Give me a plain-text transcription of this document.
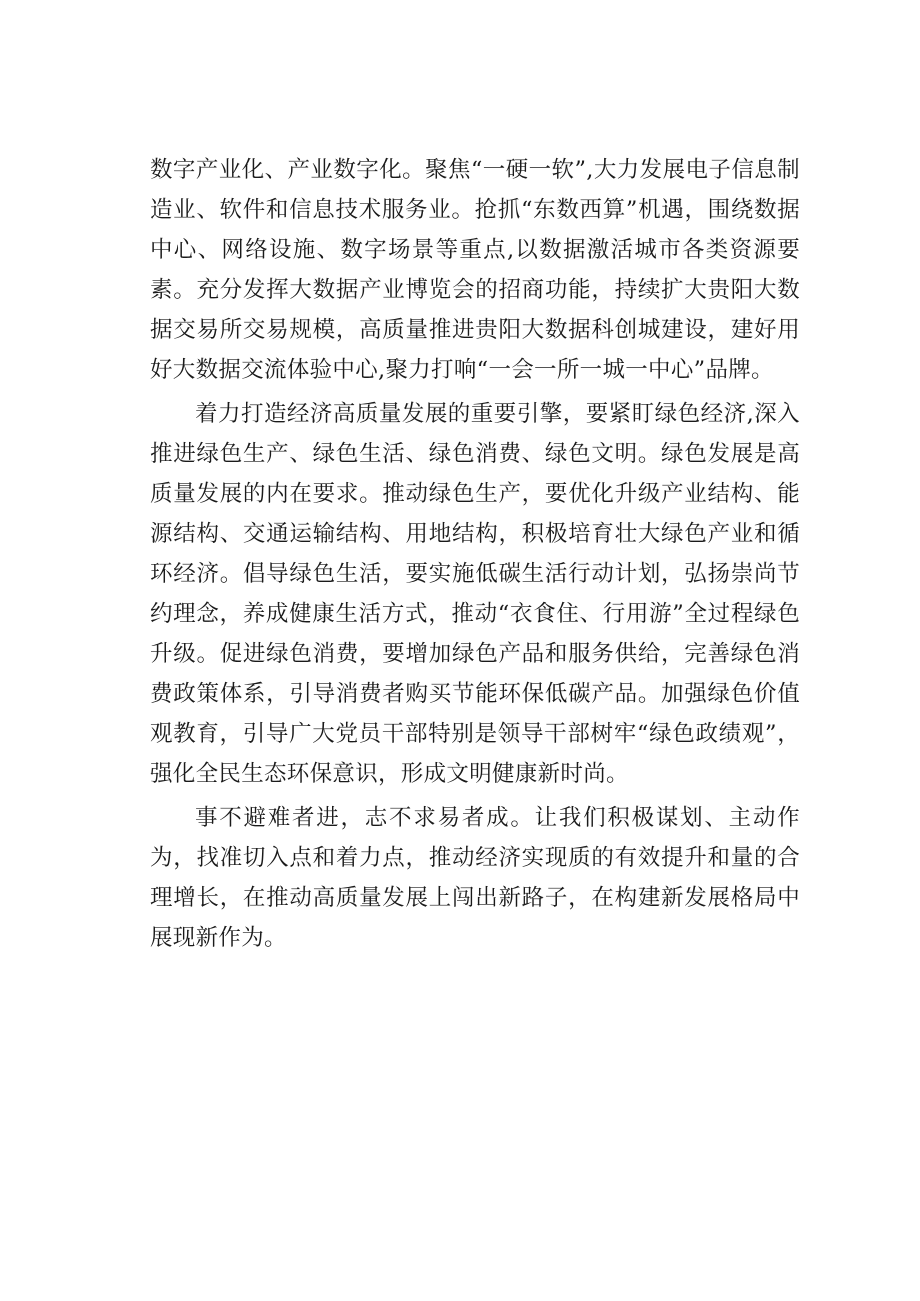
数字产业化、产业数字化。聚焦“一硬一软”,大力发展电子信息制造业、软件和信息技术服务业。抢抓“东数西算”机遇，围绕数据中心、网络设施、数字场景等重点,以数据激活城市各类资源要素。充分发挥大数据产业博览会的招商功能，持续扩大贵阳大数据交易所交易规模，高质量推进贵阳大数据科创城建设，建好用好大数据交流体验中心,聚力打响“一会一所一城一中心”品牌。

着力打造经济高质量发展的重要引擎，要紧盯绿色经济,深入推进绿色生产、绿色生活、绿色消费、绿色文明。绿色发展是高质量发展的内在要求。推动绿色生产，要优化升级产业结构、能源结构、交通运输结构、用地结构，积极培育壮大绿色产业和循环经济。倡导绿色生活，要实施低碳生活行动计划，弘扬崇尚节约理念，养成健康生活方式，推动“衣食住、行用游”全过程绿色升级。促进绿色消费，要增加绿色产品和服务供给，完善绿色消费政策体系，引导消费者购买节能环保低碳产品。加强绿色价值观教育，引导广大党员干部特别是领导干部树牢“绿色政绩观”，强化全民生态环保意识，形成文明健康新时尚。

事不避难者进，志不求易者成。让我们积极谋划、主动作为，找准切入点和着力点，推动经济实现质的有效提升和量的合理增长，在推动高质量发展上闯出新路子，在构建新发展格局中展现新作为。
